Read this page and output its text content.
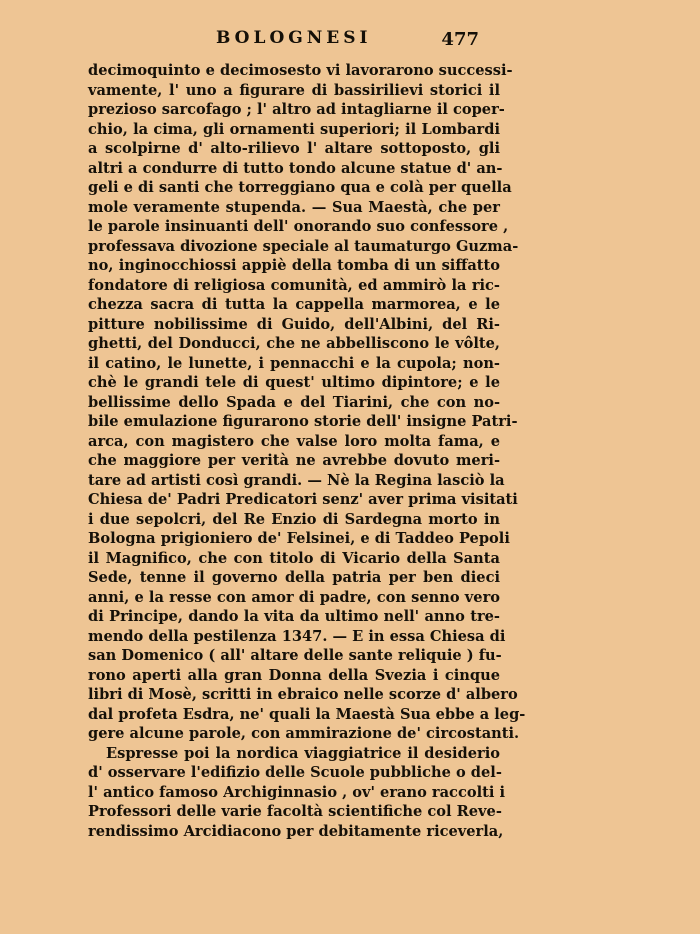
BOLOGNESI	477
decimoquinto e decimosesto vi lavorarono successi-
vamente, l' uno a figurare di bassirilievi storici il
prezioso sarcofago ; l' altro ad intagliarne il coper-
chio, la cima, gli ornamenti superiori; il Lombardi
a scolpirne d' alto-rilievo l' altare sottoposto, gli
altri a condurre di tutto tondo alcune statue d' an-
geli e di santi che torreggiano qua e colà per quella
mole veramente stupenda. — Sua Maestà, che per
le parole insinuanti dell' onorando suo confessore ,
professava divozione speciale al taumaturgo Guzma-
no, inginocchiossi appiè della tomba di un siffatto
fondatore di religiosa comunità, ed ammirò la ric-
chezza sacra di tutta la cappella marmorea, e le
pitture nobilissime di Guido, dell'Albini, del Ri-
ghetti, del Donducci, che ne abbelliscono le vôlte,
il catino, le lunette, i pennacchi e la cupola; non-
chè le grandi tele di quest' ultimo dipintore; e le
bellissime dello Spada e del Tiarini, che con no-
bile emulazione figurarono storie dell' insigne Patri-
arca, con magistero che valse loro molta fama, e
che maggiore per verità ne avrebbe dovuto meri-
tare ad artisti così grandi. — Nè la Regina lasciò la
Chiesa de' Padri Predicatori senz' aver prima visitati
i due sepolcri, del Re Enzio di Sardegna morto in
Bologna prigioniero de' Felsinei, e di Taddeo Pepoli
il Magnifico, che con titolo di Vicario della Santa
Sede, tenne il governo della patria per ben dieci
anni, e la resse con amor di padre, con senno vero
di Principe, dando la vita da ultimo nell' anno tre-
mendo della pestilenza 1347. — E in essa Chiesa di
san Domenico ( all' altare delle sante reliquie ) fu-
rono aperti alla gran Donna della Svezia i cinque
libri di Mosè, scritti in ebraico nelle scorze d' albero
dal profeta Esdra, ne' quali la Maestà Sua ebbe a leg-
gere alcune parole, con ammirazione de' circostanti.
Espresse poi la nordica viaggiatrice il desiderio
d' osservare l'edifizio delle Scuole pubbliche o del-
l' antico famoso Archiginnasio , ov' erano raccolti i
Professori delle varie facoltà scientifiche col Reve-
rendissimo Arcidiacono per debitamente riceverla,
